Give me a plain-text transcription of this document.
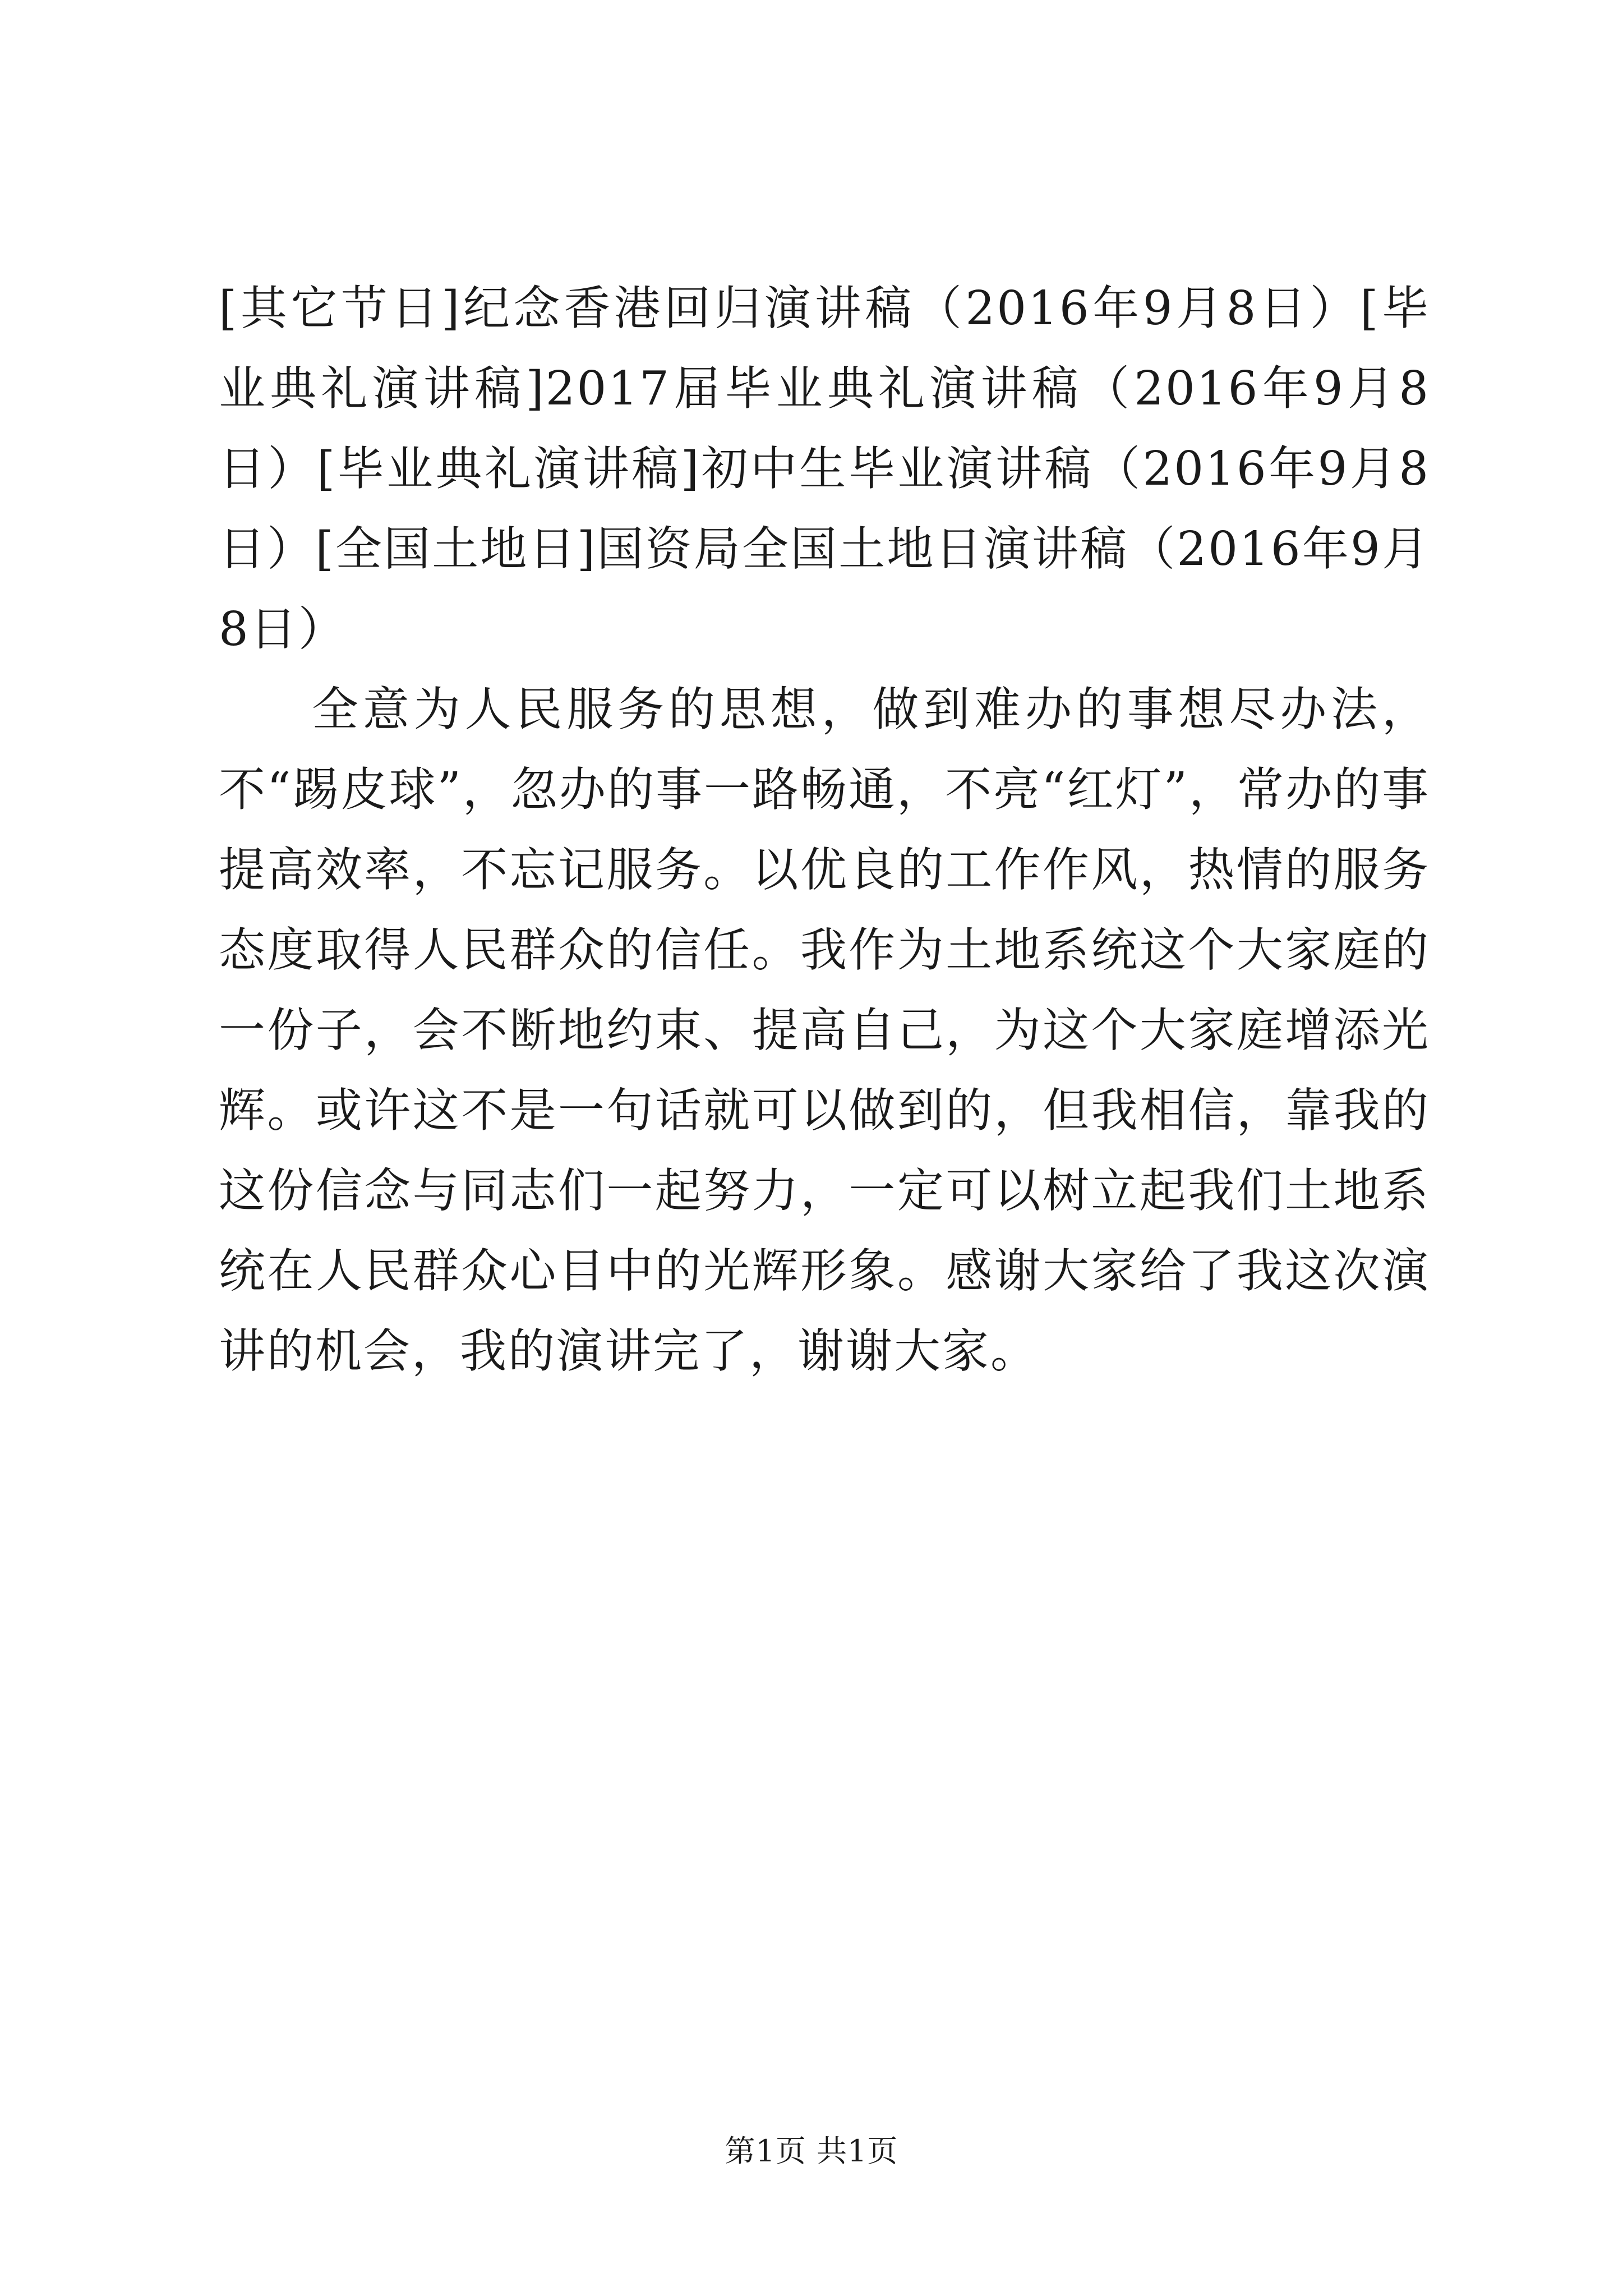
[其它节日]纪念香港回归演讲稿（2016年9月8日）[毕业典礼演讲稿]2017届毕业典礼演讲稿（2016年9月8日）[毕业典礼演讲稿]初中生毕业演讲稿（2016年9月8日）[全国土地日]国资局全国土地日演讲稿（2016年9月8日）

全意为人民服务的思想，做到难办的事想尽办法，不“踢皮球”，忽办的事一路畅通，不亮“红灯”，常办的事提高效率，不忘记服务。以优良的工作作风，热情的服务态度取得人民群众的信任。我作为土地系统这个大家庭的一份子，会不断地约束、提高自己，为这个大家庭增添光辉。或许这不是一句话就可以做到的，但我相信，靠我的这份信念与同志们一起努力，一定可以树立起我们土地系统在人民群众心目中的光辉形象。感谢大家给了我这次演讲的机会，我的演讲完了，谢谢大家。

第1页 共1页
